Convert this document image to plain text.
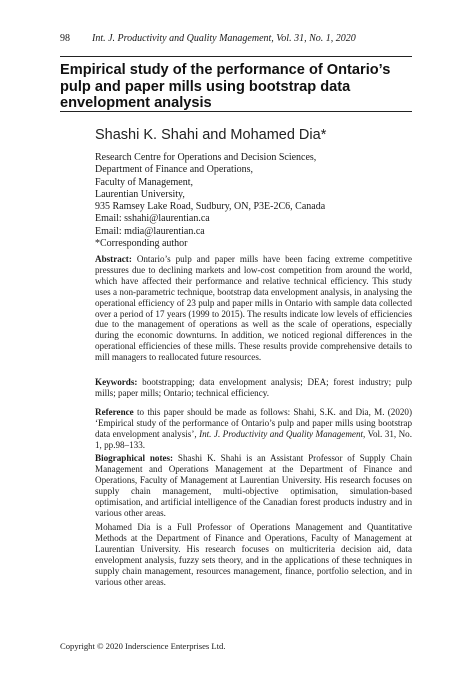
98	Int. J. Productivity and Quality Management, Vol. 31, No. 1, 2020
Empirical study of the performance of Ontario’s pulp and paper mills using bootstrap data envelopment analysis
Shashi K. Shahi and Mohamed Dia*
Research Centre for Operations and Decision Sciences,
Department of Finance and Operations,
Faculty of Management,
Laurentian University,
935 Ramsey Lake Road, Sudbury, ON, P3E-2C6, Canada
Email: sshahi@laurentian.ca
Email: mdia@laurentian.ca
*Corresponding author

Abstract: Ontario’s pulp and paper mills have been facing extreme competitive pressures due to declining markets and low-cost competition from around the world, which have affected their performance and relative technical efficiency. This study uses a non-parametric technique, bootstrap data envelopment analysis, in analysing the operational efficiency of 23 pulp and paper mills in Ontario with sample data collected over a period of 17 years (1999 to 2015). The results indicate low levels of efficiencies due to the management of operations as well as the scale of operations, especially during the economic downturns. In addition, we noticed regional differences in the operational efficiencies of these mills. These results provide comprehensive details to mill managers to reallocated future resources.

Keywords: bootstrapping; data envelopment analysis; DEA; forest industry; pulp mills; paper mills; Ontario; technical efficiency.

Reference to this paper should be made as follows: Shahi, S.K. and Dia, M. (2020) ‘Empirical study of the performance of Ontario’s pulp and paper mills using bootstrap data envelopment analysis’, Int. J. Productivity and Quality Management, Vol. 31, No. 1, pp.98–133.

Biographical notes: Shashi K. Shahi is an Assistant Professor of Supply Chain Management and Operations Management at the Department of Finance and Operations, Faculty of Management at Laurentian University. His research focuses on supply chain management, multi-objective optimisation, simulation-based optimisation, and artificial intelligence of the Canadian forest products industry and in various other areas.

Mohamed Dia is a Full Professor of Operations Management and Quantitative Methods at the Department of Finance and Operations, Faculty of Management at Laurentian University. His research focuses on multicriteria decision aid, data envelopment analysis, fuzzy sets theory, and in the applications of these techniques in supply chain management, resources management, finance, portfolio selection, and in various other areas.

Copyright © 2020 Inderscience Enterprises Ltd.
